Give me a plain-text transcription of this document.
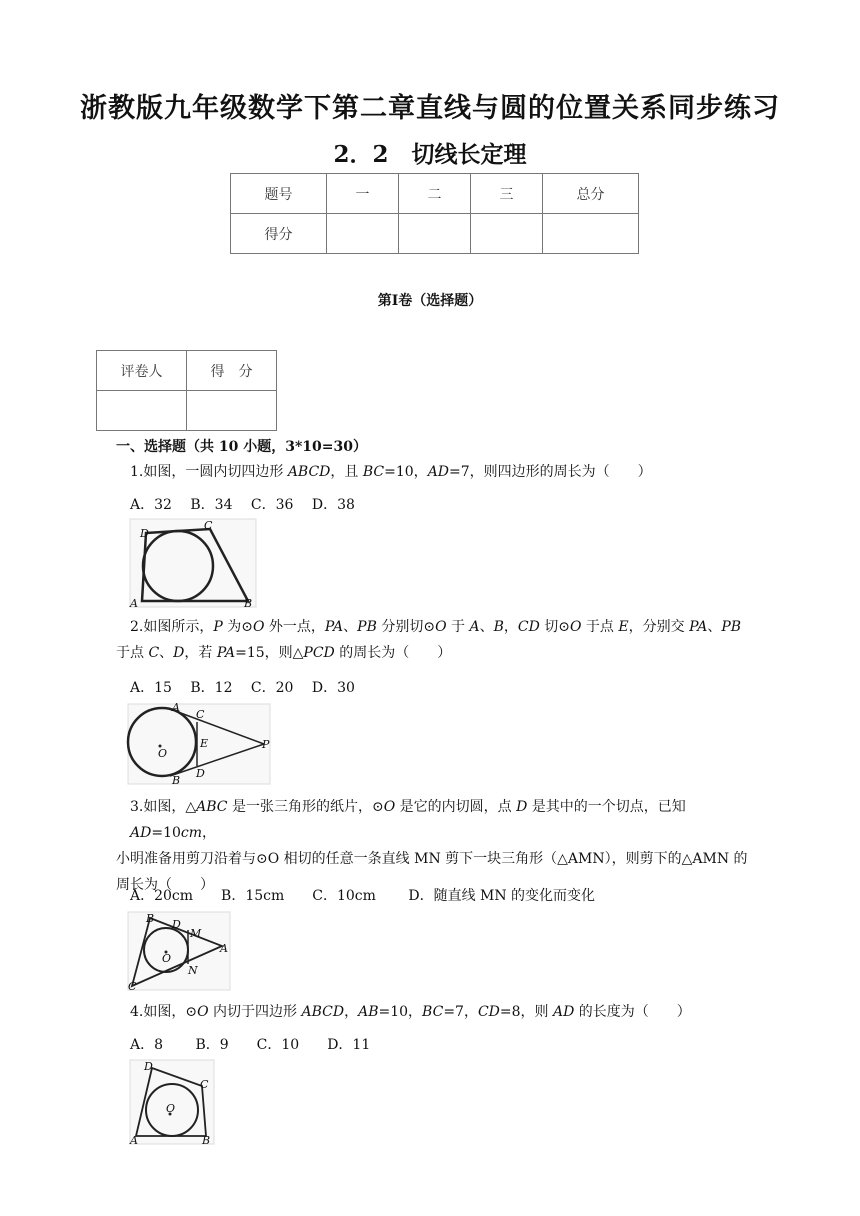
浙教版九年级数学下第二章直线与圆的位置关系同步练习
2．2　切线长定理
题号	一	二	三	总分
得分				
第Ⅰ卷（选择题）
评卷人	得　分

一、选择题（共 10 小题，3*10=30）
1.如图，一圆内切四边形 ABCD，且 BC=10，AD=7，则四边形的周长为（　　）
A．32　 B．34　 C．36　 D．38
D
C
A	B
2.如图所示，P 为⊙O 外一点，PA、PB 分别切⊙O 于 A、B，CD 切⊙O 于点 E，分别交 PA、PB
于点 C、D，若 PA=15，则△PCD 的周长为（　　）
A．15　 B．12　 C．20　 D．30
A
C
E	P
O
B
D
3.如图，△ABC 是一张三角形的纸片，⊙O 是它的内切圆，点 D 是其中的一个切点，已知 AD=10cm，
小明准备用剪刀沿着与⊙O 相切的任意一条直线 MN 剪下一块三角形（△AMN），则剪下的△AMN 的
周长为（　　）
A．20cm　　B．15cm　　C．10cm　　 D．随直线 MN 的变化而变化
B D
M
A
O
N
C
4.如图，⊙O 内切于四边形 ABCD，AB=10，BC=7，CD=8，则 AD 的长度为（　　）
A．8　　 B．9　　C．10　　D．11
D
C
O
A	B
